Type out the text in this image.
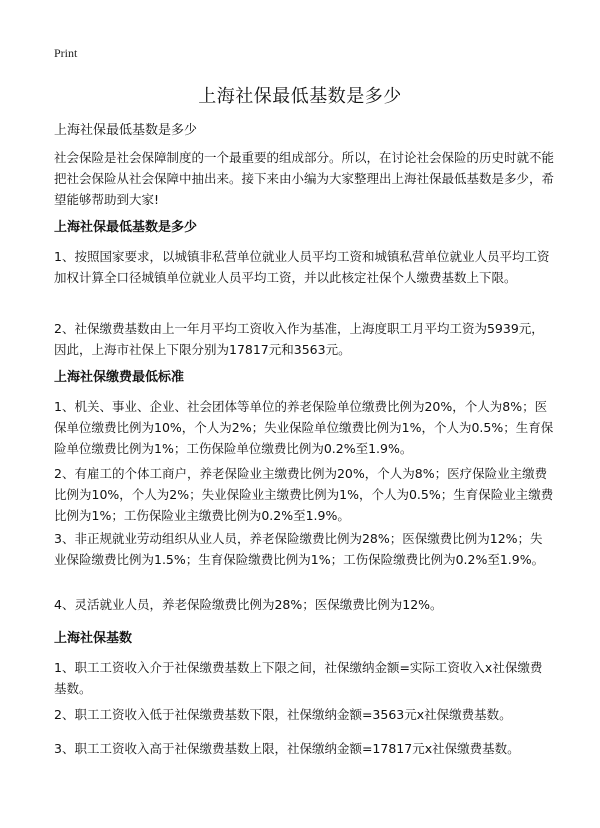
Print
上海社保最低基数是多少

上海社保最低基数是多少

社会保险是社会保障制度的一个最重要的组成部分。所以，在讨论社会保险的历史时就不能把社会保险从社会保障中抽出来。接下来由小编为大家整理出上海社保最低基数是多少，希望能够帮助到大家!

上海社保最低基数是多少

1、按照国家要求，以城镇非私营单位就业人员平均工资和城镇私营单位就业人员平均工资加权计算全口径城镇单位就业人员平均工资，并以此核定社保个人缴费基数上下限。

2、社保缴费基数由上一年月平均工资收入作为基准，上海度职工月平均工资为5939元，因此，上海市社保上下限分别为17817元和3563元。

上海社保缴费最低标准

1、机关、事业、企业、社会团体等单位的养老保险单位缴费比例为20%，个人为8%；医保单位缴费比例为10%，个人为2%；失业保险单位缴费比例为1%，个人为0.5%；生育保险单位缴费比例为1%；工伤保险单位缴费比例为0.2%至1.9%。

2、有雇工的个体工商户，养老保险业主缴费比例为20%，个人为8%；医疗保险业主缴费比例为10%，个人为2%；失业保险业主缴费比例为1%，个人为0.5%；生育保险业主缴费比例为1%；工伤保险业主缴费比例为0.2%至1.9%。

3、非正规就业劳动组织从业人员，养老保险缴费比例为28%；医保缴费比例为12%；失业保险缴费比例为1.5%；生育保险缴费比例为1%；工伤保险缴费比例为0.2%至1.9%。

4、灵活就业人员，养老保险缴费比例为28%；医保缴费比例为12%。

上海社保基数

1、职工工资收入介于社保缴费基数上下限之间，社保缴纳金额=实际工资收入x社保缴费基数。

2、职工工资收入低于社保缴费基数下限，社保缴纳金额=3563元x社保缴费基数。

3、职工工资收入高于社保缴费基数上限，社保缴纳金额=17817元x社保缴费基数。
